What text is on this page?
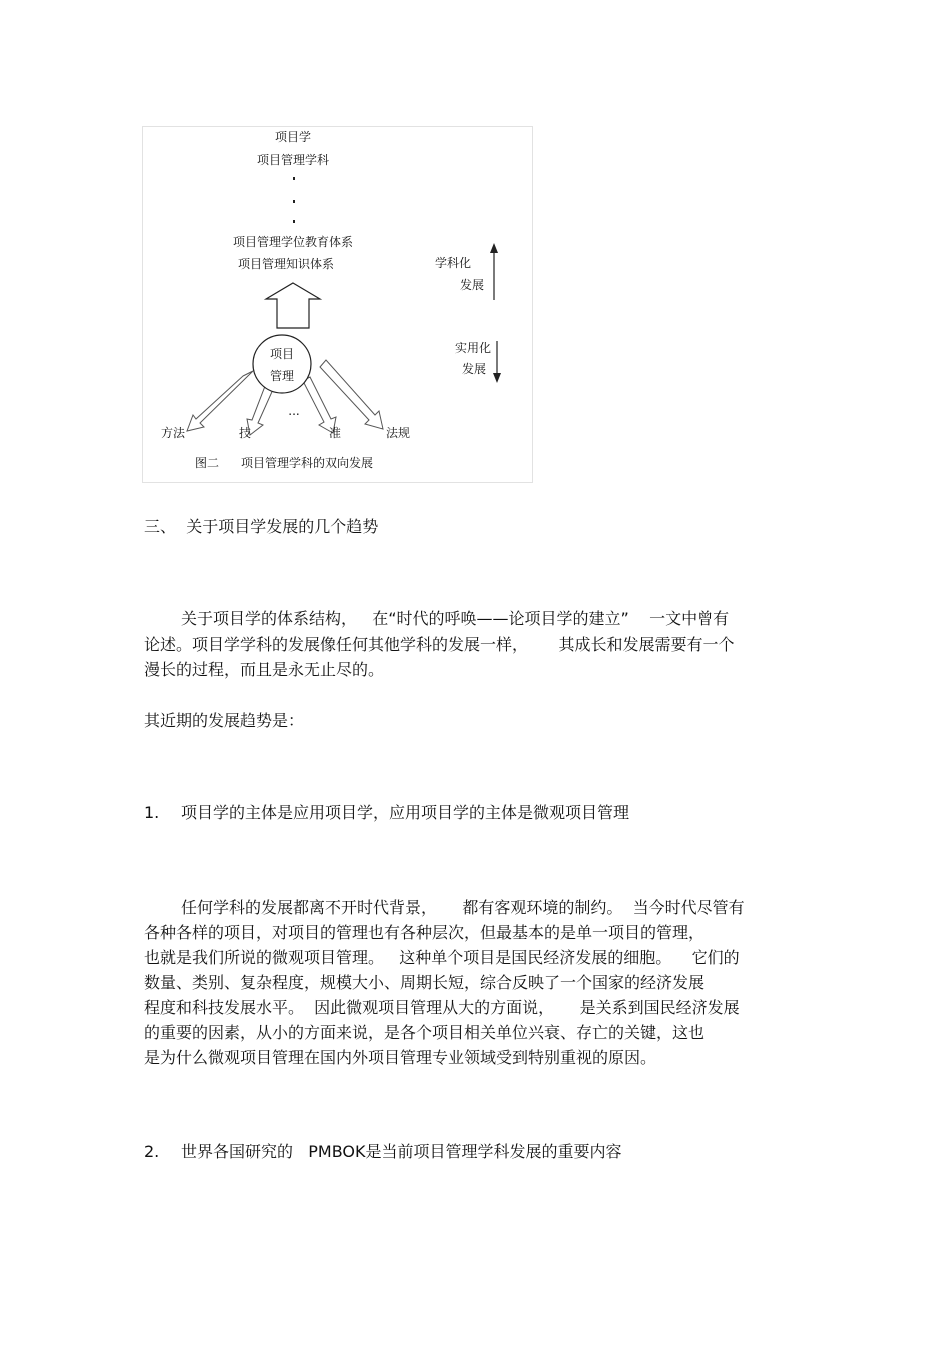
项目学
项目管理学科
项目管理学位教育体系
项目管理知识体系	学科化
发展
实用化
发展
项目
管理
...
方法	技	准	法规
图二 项目管理学科的双向发展

三、 关于项目学发展的几个趋势

关于项目学的体系结构，   在“时代的呼唤——论项目学的建立”    一文中曾有

论述。项目学学科的发展像任何其他学科的发展一样，      其成长和发展需要有一个

漫长的过程，而且是永无止尽的。

其近期的发展趋势是：

1. 项目学的主体是应用项目学，应用项目学的主体是微观项目管理

任何学科的发展都离不开时代背景，     都有客观环境的制约。  当今时代尽管有

各种各样的项目，对项目的管理也有各种层次，但最基本的是单一项目的管理，

也就是我们所说的微观项目管理。   这种单个项目是国民经济发展的细胞。    它们的

数量、类别、复杂程度，规模大小、周期长短，综合反映了一个国家的经济发展

程度和科技发展水平。  因此微观项目管理从大的方面说，     是关系到国民经济发展

的重要的因素，从小的方面来说，是各个项目相关单位兴衰、存亡的关键，这也

是为什么微观项目管理在国内外项目管理专业领域受到特别重视的原因。

2. 世界各国研究的   PMBOK是当前项目管理学科发展的重要内容
